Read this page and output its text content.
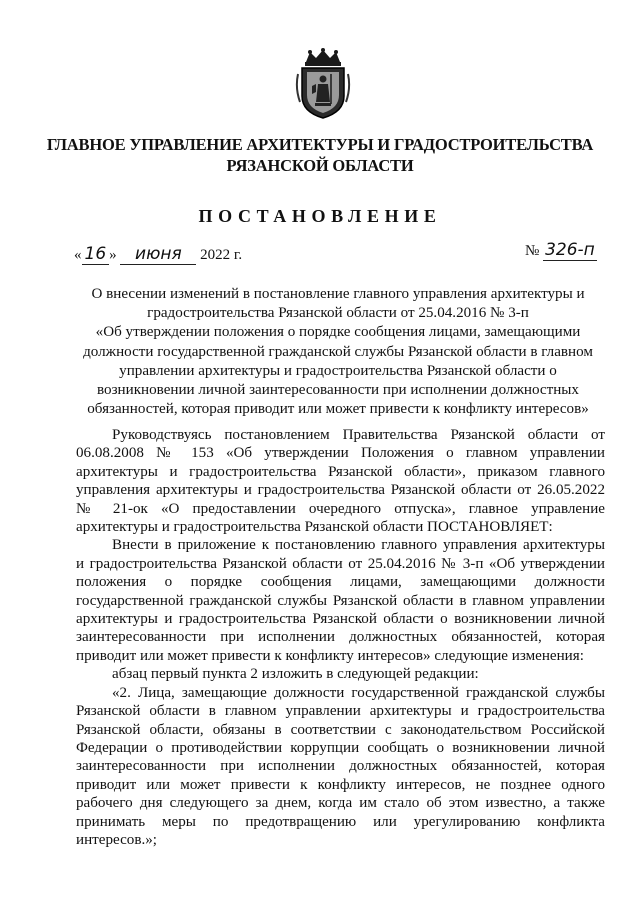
ГЛАВНОЕ УПРАВЛЕНИЕ АРХИТЕКТУРЫ И ГРАДОСТРОИТЕЛЬСТВА
РЯЗАНСКОЙ ОБЛАСТИ
ПОСТАНОВЛЕНИЕ
« 16 » июня 2022 г.	№ 326-п
О внесении изменений в постановление главного управления архитектуры и
градостроительства Рязанской области от 25.04.2016 № 3-п
«Об утверждении положения о порядке сообщения лицами, замещающими
должности государственной гражданской службы Рязанской области в главном
управлении архитектуры и градостроительства Рязанской области о
возникновении личной заинтересованности при исполнении должностных
обязанностей, которая приводит или может привести к конфликту интересов»

Руководствуясь постановлением Правительства Рязанской области от

06.08.2008 № 153 «Об утверждении Положения о главном управлении

архитектуры и градостроительства Рязанской области», приказом главного

управления архитектуры и градостроительства Рязанской области от 26.05.2022

№ 21-ок «О предоставлении очередного отпуска», главное управление

архитектуры и градостроительства Рязанской области ПОСТАНОВЛЯЕТ:

Внести в приложение к постановлению главного управления архитектуры

и градостроительства Рязанской области от 25.04.2016 № 3-п «Об утверждении

положения о порядке сообщения лицами, замещающими должности

государственной гражданской службы Рязанской области в главном управлении

архитектуры и градостроительства Рязанской области о возникновении личной

заинтересованности при исполнении должностных обязанностей, которая

приводит или может привести к конфликту интересов» следующие изменения:

абзац первый пункта 2 изложить в следующей редакции:

«2. Лица, замещающие должности государственной гражданской службы

Рязанской области в главном управлении архитектуры и градостроительства

Рязанской области, обязаны в соответствии с законодательством Российской

Федерации о противодействии коррупции сообщать о возникновении личной

заинтересованности при исполнении должностных обязанностей, которая

приводит или может привести к конфликту интересов, не позднее одного

рабочего дня следующего за днем, когда им стало об этом известно, а также

принимать меры по предотвращению или урегулированию конфликта

интересов.»;
